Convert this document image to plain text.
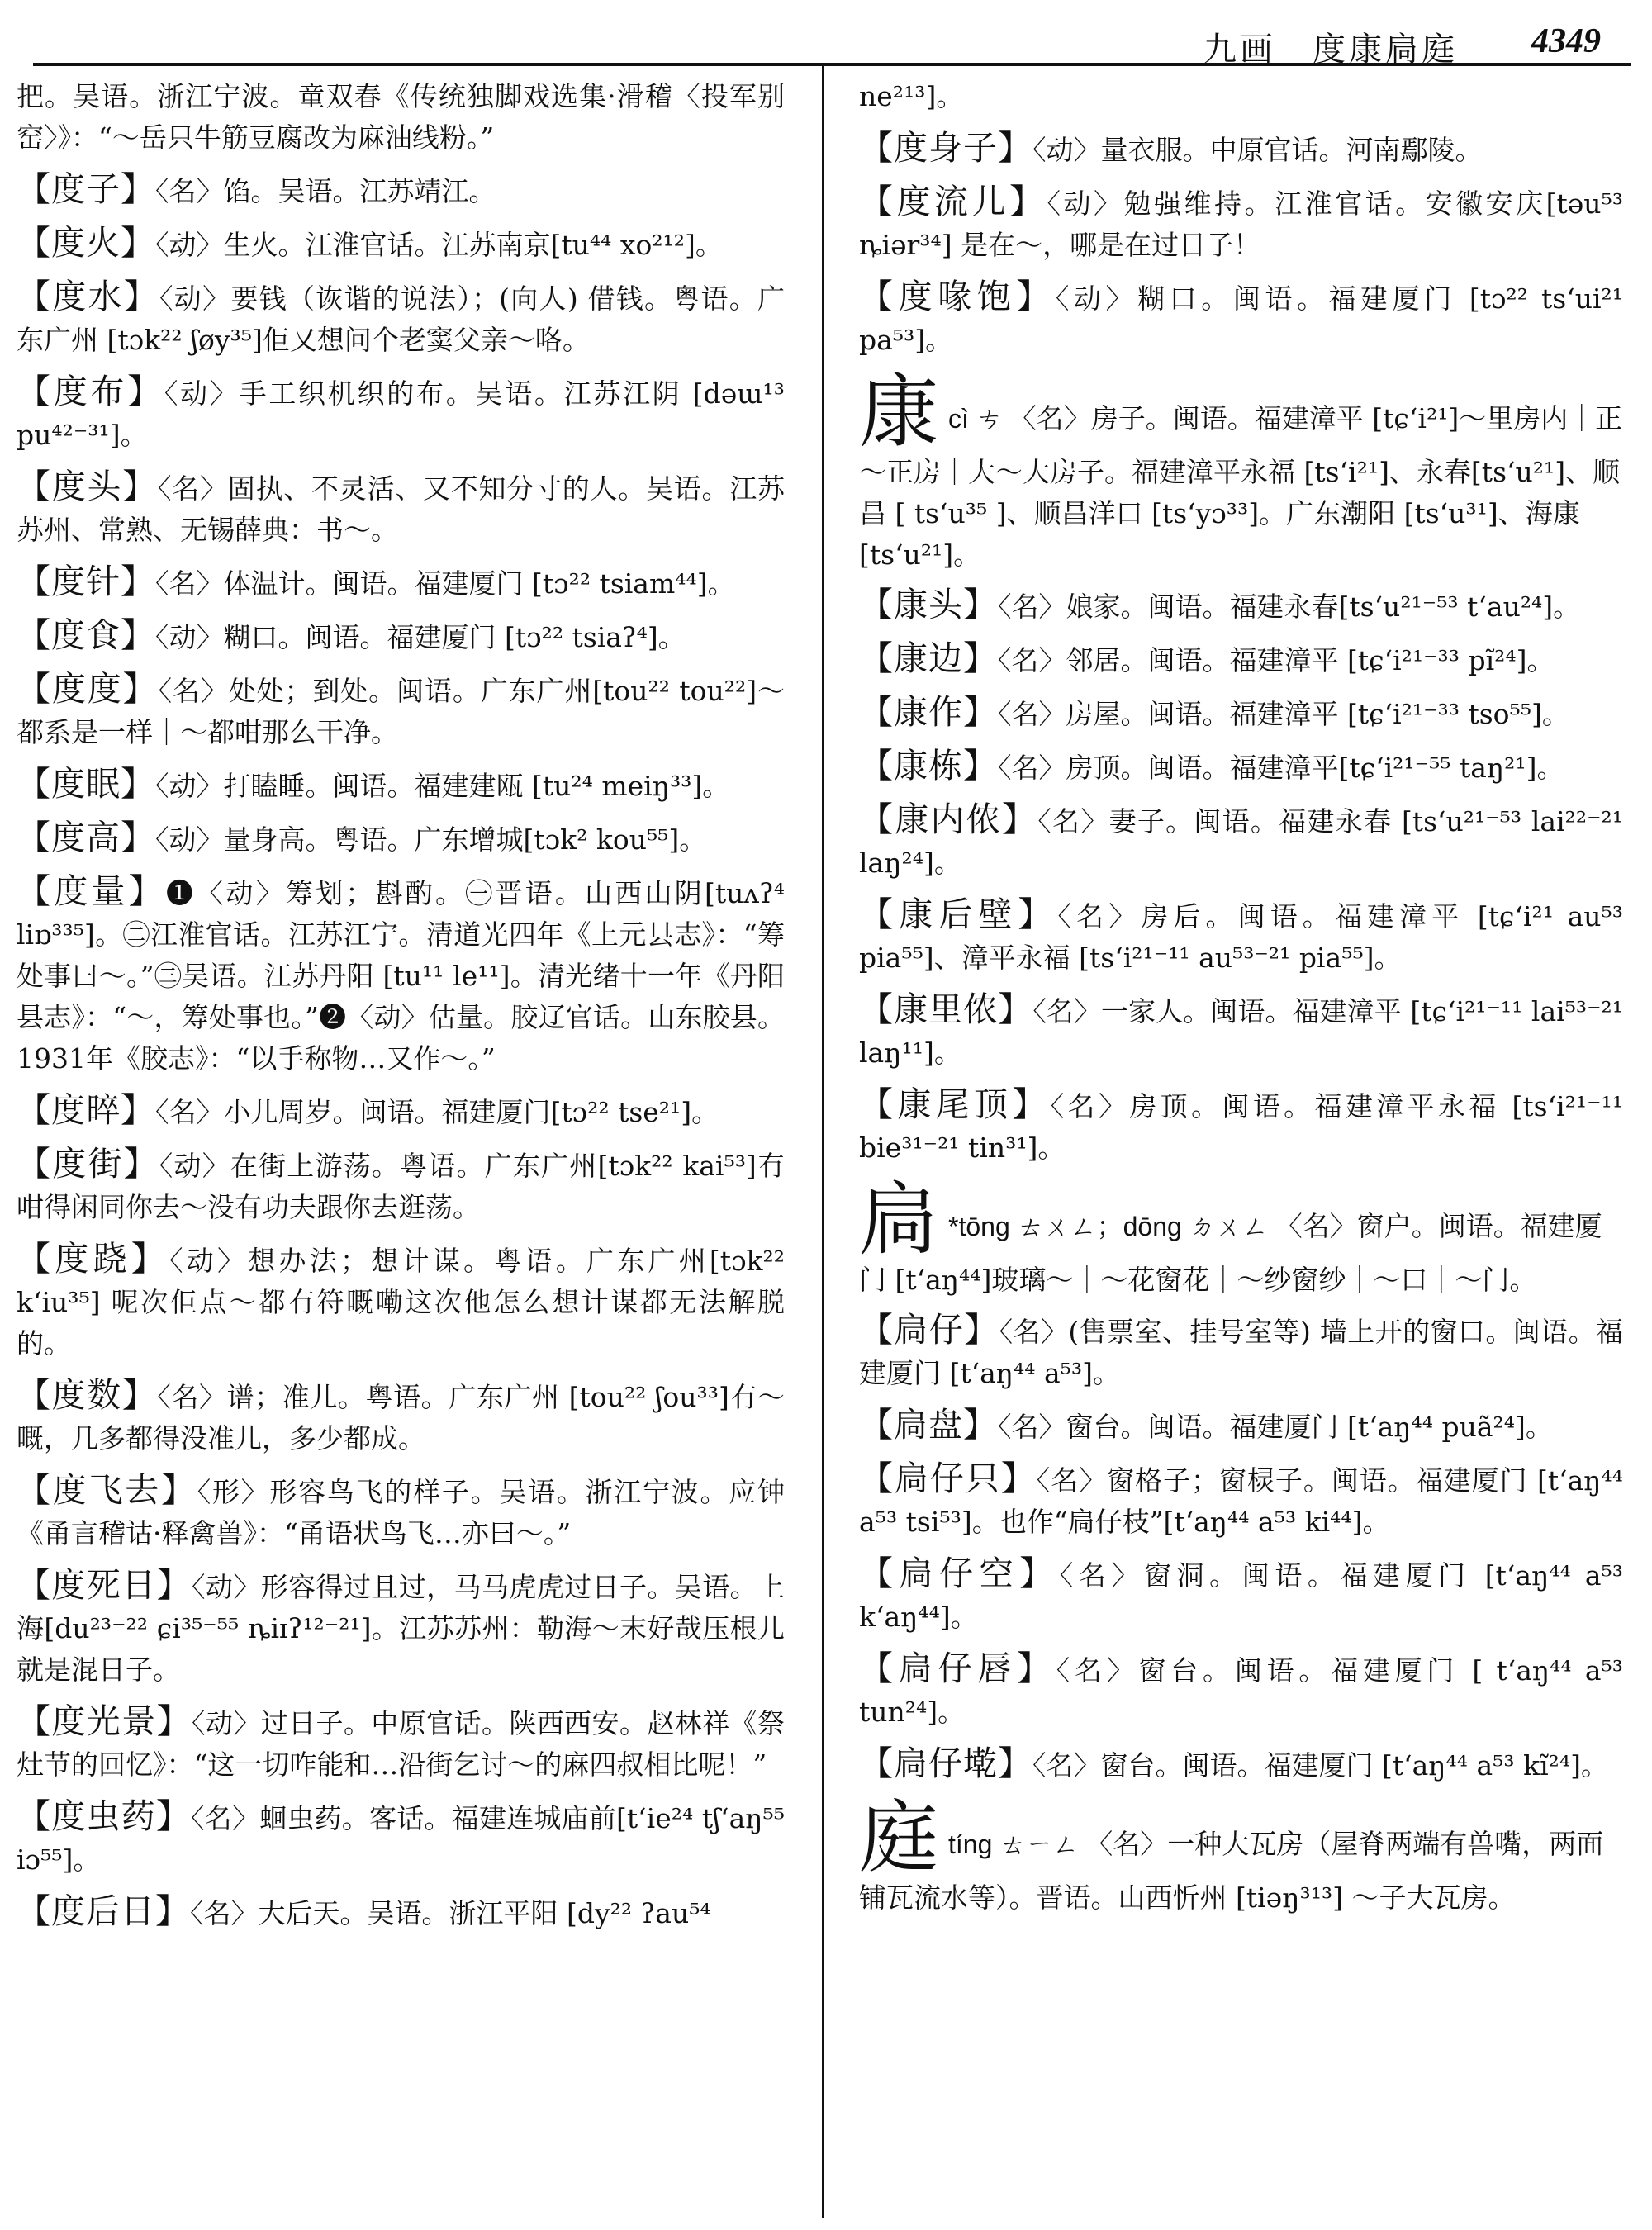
九画　度康扃庭 4349
把。吴语。浙江宁波。童双春《传统独脚戏选集·滑稽〈投军别窑〉》：“～岳只牛筋豆腐改为麻油线粉。”
【度子】〈名〉馅。吴语。江苏靖江。
【度火】〈动〉生火。江淮官话。江苏南京[tu⁴⁴ xo²¹²]。
【度水】〈动〉要钱（诙谐的说法）；(向人) 借钱。粤语。广东广州 [tɔk²² ʃøy³⁵]佢又想问个老窦父亲～咯。
【度布】〈动〉手工织机织的布。吴语。江苏江阴 [dəɯ¹³ pu⁴²⁻³¹]。
【度头】〈名〉固执、不灵活、又不知分寸的人。吴语。江苏苏州、常熟、无锡薛典：书～。
【度针】〈名〉体温计。闽语。福建厦门 [tɔ²² tsiam⁴⁴]。
【度食】〈动〉糊口。闽语。福建厦门 [tɔ²² tsiaʔ⁴]。
【度度】〈名〉处处；到处。闽语。广东广州[tou²² tou²²]～都系是一样｜～都咁那么干净。
【度眠】〈动〉打瞌睡。闽语。福建建瓯 [tu²⁴ meiŋ³³]。
【度高】〈动〉量身高。粤语。广东增城[tɔk² kou⁵⁵]。
【度量】❶〈动〉筹划；斟酌。㊀晋语。山西山阴[tuʌʔ⁴ liɒ³³⁵]。㊁江淮官话。江苏江宁。清道光四年《上元县志》：“筹处事曰～。”㊂吴语。江苏丹阳 [tu¹¹ le¹¹]。清光绪十一年《丹阳县志》：“～，筹处事也。”❷〈动〉估量。胶辽官话。山东胶县。1931年《胶志》：“以手称物…又作～。”
【度晬】〈名〉小儿周岁。闽语。福建厦门[tɔ²² tse²¹]。
【度街】〈动〉在街上游荡。粤语。广东广州[tɔk²² kai⁵³]冇咁得闲同你去～没有功夫跟你去逛荡。
【度跷】〈动〉想办法；想计谋。粤语。广东广州[tɔk²² k‘iu³⁵] 呢次佢点～都冇符嘅嘞这次他怎么想计谋都无法解脱的。
【度数】〈名〉谱；准儿。粤语。广东广州 [tou²² ʃou³³]冇～嘅，几多都得没准儿，多少都成。
【度飞去】〈形〉形容鸟飞的样子。吴语。浙江宁波。应钟《甬言稽诂·释禽兽》：“甬语状鸟飞…亦曰～。”
【度死日】〈动〉形容得过且过，马马虎虎过日子。吴语。上海[du²³⁻²² ɕi³⁵⁻⁵⁵ ȵiɪʔ¹²⁻²¹]。江苏苏州：勒海～末好哉压根儿就是混日子。
【度光景】〈动〉过日子。中原官话。陕西西安。赵林祥《祭灶节的回忆》：“这一切咋能和…沿街乞讨～的麻四叔相比呢！”
【度虫药】〈名〉蛔虫药。客话。福建连城庙前[t‘ie²⁴ tʃ‘aŋ⁵⁵ iɔ⁵⁵]。
【度后日】〈名〉大后天。吴语。浙江平阳 [dy²² ʔau⁵⁴
ne²¹³]。
【度身子】〈动〉量衣服。中原官话。河南鄢陵。
【度流儿】〈动〉勉强维持。江淮官话。安徽安庆[təu⁵³ ȵiər³⁴] 是在～，哪是在过日子！
【度喙饱】〈动〉糊口。闽语。福建厦门 [tɔ²² ts‘ui²¹ pa⁵³]。
康cì ㄘ 〈名〉房子。闽语。福建漳平 [tɕ‘i²¹]～里房内｜正～正房｜大～大房子。福建漳平永福 [ts‘i²¹]、永春[ts‘u²¹]、顺昌 [ ts‘u³⁵ ]、顺昌洋口 [ts‘yɔ³³]。广东潮阳 [ts‘u³¹]、海康[ts‘u²¹]。
【康头】〈名〉娘家。闽语。福建永春[ts‘u²¹⁻⁵³ t‘au²⁴]。
【康边】〈名〉邻居。闽语。福建漳平 [tɕ‘i²¹⁻³³ pĩ²⁴]。
【康作】〈名〉房屋。闽语。福建漳平 [tɕ‘i²¹⁻³³ tso⁵⁵]。
【康栋】〈名〉房顶。闽语。福建漳平[tɕ‘i²¹⁻⁵⁵ taŋ²¹]。
【康内侬】〈名〉妻子。闽语。福建永春 [ts‘u²¹⁻⁵³ lai²²⁻²¹ laŋ²⁴]。
【康后壁】〈名〉房后。闽语。福建漳平 [tɕ‘i²¹ au⁵³ pia⁵⁵]、漳平永福 [ts‘i²¹⁻¹¹ au⁵³⁻²¹ pia⁵⁵]。
【康里侬】〈名〉一家人。闽语。福建漳平 [tɕ‘i²¹⁻¹¹ lai⁵³⁻²¹ laŋ¹¹]。
【康尾顶】〈名〉房顶。闽语。福建漳平永福 [ts‘i²¹⁻¹¹ bie³¹⁻²¹ tin³¹]。
扃 *tōng ㄊㄨㄥ；dōng ㄉㄨㄥ 〈名〉窗户。闽语。福建厦门 [t‘aŋ⁴⁴]玻璃～｜～花窗花｜～纱窗纱｜～口｜～门。
【扃仔】〈名〉(售票室、挂号室等) 墙上开的窗口。闽语。福建厦门 [t‘aŋ⁴⁴ a⁵³]。
【扃盘】〈名〉窗台。闽语。福建厦门 [t‘aŋ⁴⁴ puã²⁴]。
【扃仔只】〈名〉窗格子；窗棂子。闽语。福建厦门 [t‘aŋ⁴⁴ a⁵³ tsi⁵³]。也作“扃仔枝”[t‘aŋ⁴⁴ a⁵³ ki⁴⁴]。
【扃仔空】〈名〉窗洞。闽语。福建厦门 [t‘aŋ⁴⁴ a⁵³ k‘aŋ⁴⁴]。
【扃仔唇】〈名〉窗台。闽语。福建厦门 [ t‘aŋ⁴⁴ a⁵³ tun²⁴]。
【扃仔墘】〈名〉窗台。闽语。福建厦门 [t‘aŋ⁴⁴ a⁵³ kĩ²⁴]。
庭tíng ㄊㄧㄥ 〈名〉一种大瓦房（屋脊两端有兽嘴，两面铺瓦流水等）。晋语。山西忻州 [tiəŋ³¹³] ～子大瓦房。
